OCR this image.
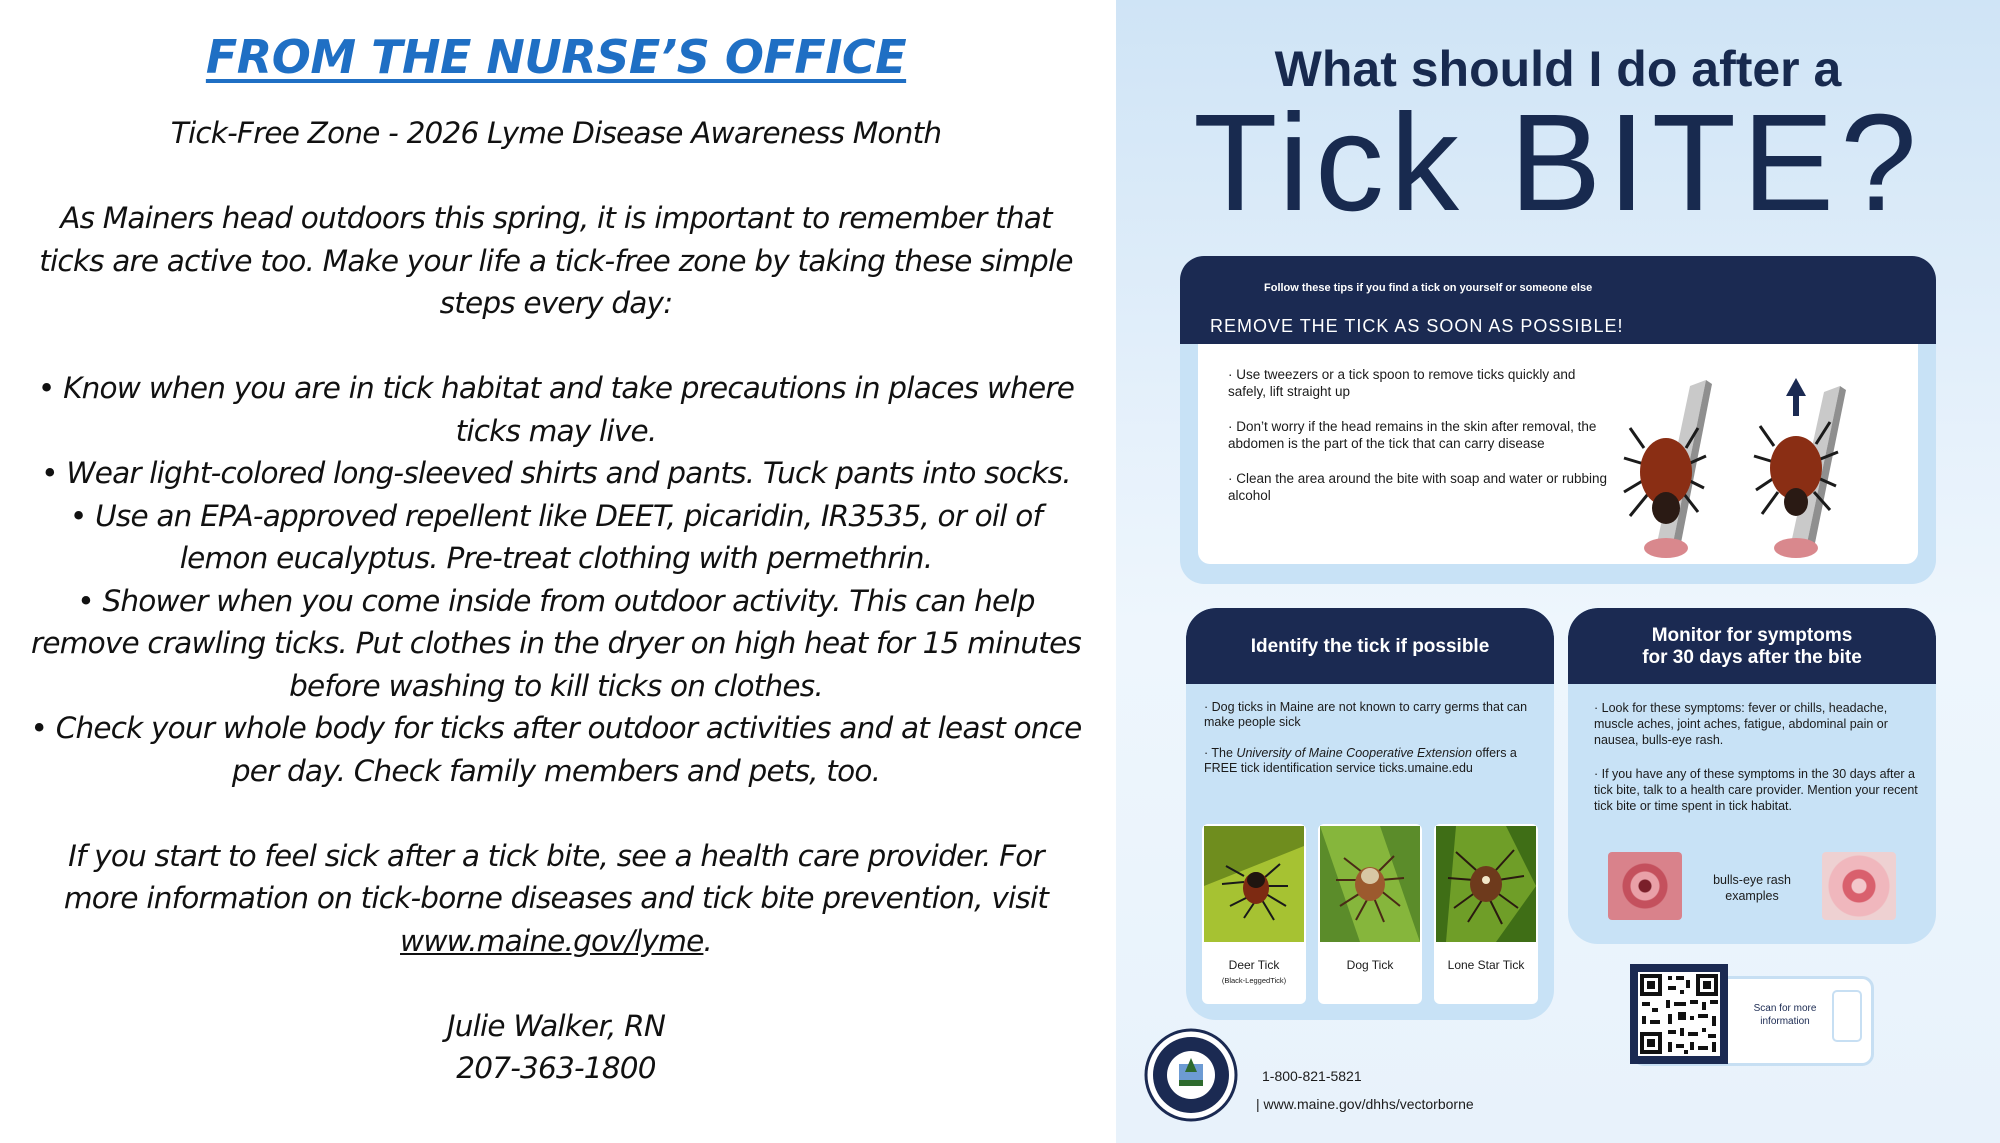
FROM THE NURSE’S OFFICE

Tick-Free Zone - 2026 Lyme Disease Awareness Month

As Mainers head outdoors this spring, it is important to remember that ticks are active too. Make your life a tick-free zone by taking these simple steps every day:

• Know when you are in tick habitat and take precautions in places where ticks may live.

• Wear light-colored long-sleeved shirts and pants. Tuck pants into socks.

• Use an EPA-approved repellent like DEET, picaridin, IR3535, or oil of lemon eucalyptus. Pre-treat clothing with permethrin.

• Shower when you come inside from outdoor activity. This can help remove crawling ticks. Put clothes in the dryer on high heat for 15 minutes before washing to kill ticks on clothes.

• Check your whole body for ticks after outdoor activities and at least once per day. Check family members and pets, too.

If you start to feel sick after a tick bite, see a health care provider. For more information on tick-borne diseases and tick bite prevention, visit www.maine.gov/lyme.

Julie Walker, RN

207-363-1800

What should I do after a
Tick BITE?
Follow these tips if you find a tick on yourself or someone else
REMOVE THE TICK AS SOON AS POSSIBLE!

· Use tweezers or a tick spoon to remove ticks quickly and safely, lift straight up

· Don’t worry if the head remains in the skin after removal, the abdomen is the part of the tick that can carry disease

· Clean the area around the bite with soap and water or rubbing alcohol

Identify the tick if possible

· Dog ticks in Maine are not known to carry germs that can make people sick

· The University of Maine Cooperative Extension offers a FREE tick identification service ticks.umaine.edu

Deer Tick
(Black-LeggedTick)
Dog Tick	Lone Star Tick
Monitor for symptoms
for 30 days after the bite

· Look for these symptoms: fever or chills, headache, muscle aches, joint aches, fatigue, abdominal pain or nausea, bulls-eye rash.

· If you have any of these symptoms in the 30 days after a tick bite, talk to a health care provider. Mention your recent tick bite or time spent in tick habitat.

bulls-eye rash examples
Scan for more information
1-800-821-5821
| www.maine.gov/dhhs/vectorborne
